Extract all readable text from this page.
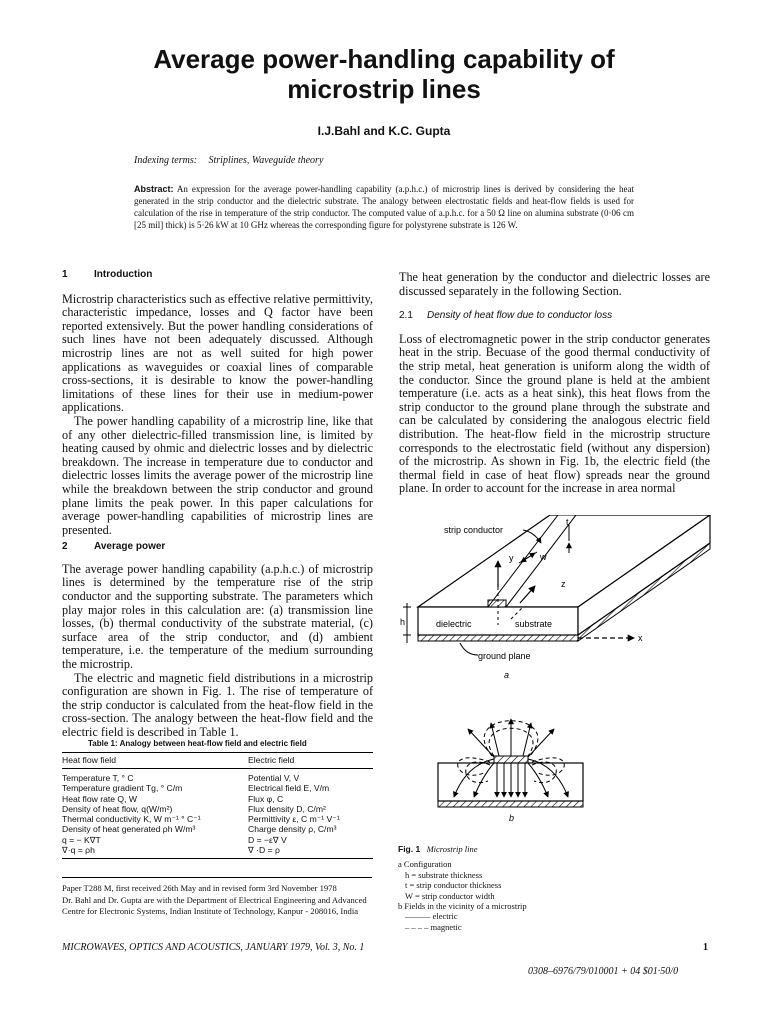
Average power-handling capability of
microstrip lines
I.J.Bahl and K.C. Gupta
Indexing terms: Striplines, Waveguide theory
Abstract: An expression for the average power-handling capability (a.p.h.c.) of microstrip lines is derived by considering the heat generated in the strip conductor and the dielectric substrate. The analogy between electrostatic fields and heat-flow fields is used for calculation of the rise in temperature of the strip conductor. The computed value of a.p.h.c. for a 50 Ω line on alumina substrate (0·06 cm [25 mil] thick) is 5·26 kW at 10 GHz whereas the corresponding figure for polystyrene substrate is 126 W.
1	Introduction

Microstrip characteristics such as effective relative permittivity, characteristic impedance, losses and Q factor have been reported extensively. But the power handling considerations of such lines have not been adequately discussed. Although microstrip lines are not as well suited for high power applications as waveguides or coaxial lines of comparable cross-sections, it is desirable to know the power-handling limitations of these lines for their use in medium-power applications.

The power handling capability of a microstrip line, like that of any other dielectric-filled transmission line, is limited by heating caused by ohmic and dielectric losses and by dielectric breakdown. The increase in temperature due to conductor and dielectric losses limits the average power of the microstrip line while the breakdown between the strip conductor and ground plane limits the peak power. In this paper calculations for average power-handling capabilities of microstrip lines are presented.

2	Average power

The average power handling capability (a.p.h.c.) of microstrip lines is determined by the temperature rise of the strip conductor and the supporting substrate. The parameters which play major roles in this calculation are: (a) transmission line losses, (b) thermal conductivity of the substrate material, (c) surface area of the strip conductor, and (d) ambient temperature, i.e. the temperature of the medium surrounding the microstrip.

The electric and magnetic field distributions in a microstrip configuration are shown in Fig. 1. The rise of temperature of the strip conductor is calculated from the heat-flow field in the cross-section. The analogy between the heat-flow field and the electric field is described in Table 1.

Table 1: Analogy between heat-flow field and electric field
Heat flow field	Electric field
Temperature T, ° C	Potential V, V
Temperature gradient Tg, ° C/m	Electrical field E, V/m
Heat flow rate Q, W	Flux φ, C
Density of heat flow, q(W/m²)	Flux density D, C/m²
Thermal conductivity K, W m⁻¹ ° C⁻¹	Permittivity ε, C m⁻¹ V⁻¹
Density of heat generated ρh W/m³	Charge density ρ, C/m³
q = − K∇T	D = −ε∇ V
∇·q = ρh	∇ ·D = ρ

Paper T288 M, first received 26th May and in revised form 3rd November 1978

Dr. Bahl and Dr. Gupta are with the Department of Electrical Engineering and Advanced Centre for Electronic Systems, Indian Institute of Technology, Kanpur - 208016, India

The heat generation by the conductor and dielectric losses are discussed separately in the following Section.

2.1 Density of heat flow due to conductor loss

Loss of electromagnetic power in the strip conductor generates heat in the strip. Becuase of the good thermal conductivity of the strip metal, heat generation is uniform along the width of the conductor. Since the ground plane is held at the ambient temperature (i.e. acts as a heat sink), this heat flows from the strip conductor to the ground plane through the substrate and can be calculated by considering the analogous electric field distribution. The heat-flow field in the microstrip structure corresponds to the electrostatic field (without any dispersion) of the microstrip. As shown in Fig. 1b, the electric field (the thermal field in case of heat flow) spreads near the ground plane. In order to account for the increase in area normal

strip conductor
t
y	w
z
h	dielectric	substrate
x
ground plane
a
b
Fig. 1 Microstrip line
a Configuration
h = substrate thickness
t = strip conductor thickness
W = strip conductor width
b Fields in the vicinity of a microstrip
——— electric
– – – – magnetic
MICROWAVES, OPTICS AND ACOUSTICS, JANUARY 1979, Vol. 3, No. 1	1
0308–6976/79/010001 + 04 $01·50/0
